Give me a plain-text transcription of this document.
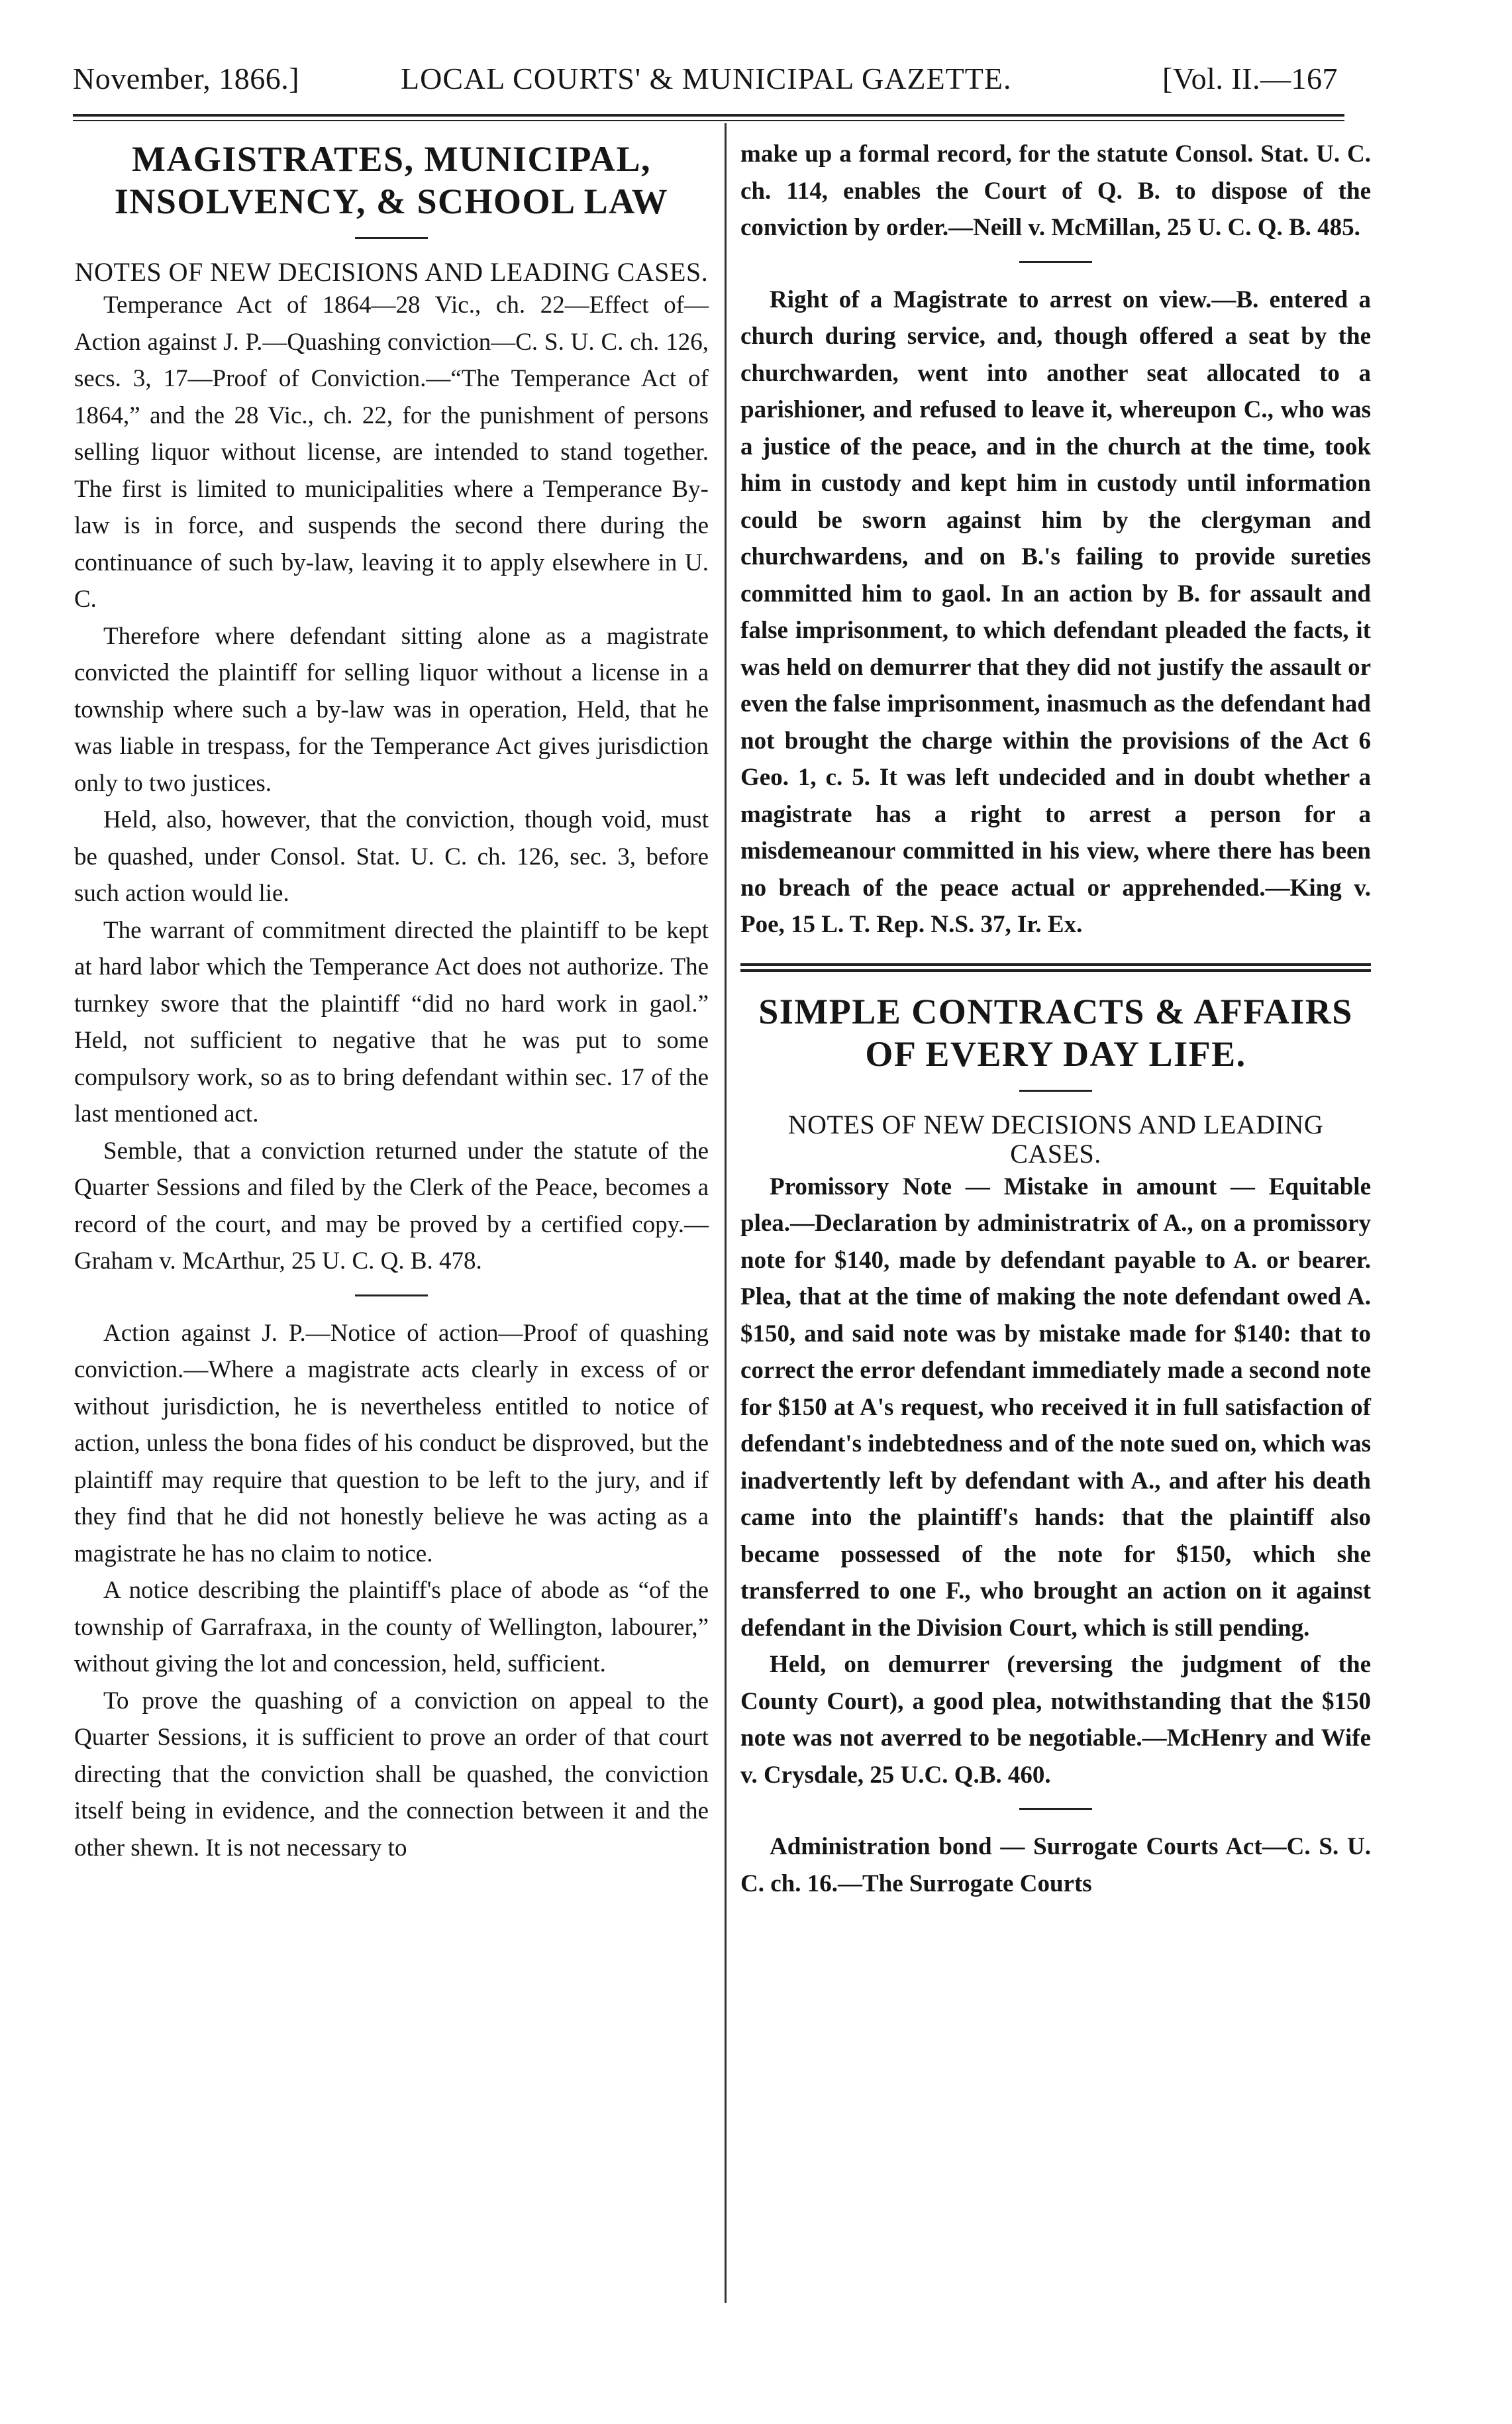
November, 1866.]	LOCAL COURTS' & MUNICIPAL GAZETTE.	[Vol. II.—167
MAGISTRATES, MUNICIPAL, INSOLVENCY, & SCHOOL LAW

NOTES OF NEW DECISIONS AND LEADING CASES.

Temperance Act of 1864—28 Vic., ch. 22—Effect of—Action against J. P.—Quashing conviction—C. S. U. C. ch. 126, secs. 3, 17—Proof of Conviction.—“The Temperance Act of 1864,” and the 28 Vic., ch. 22, for the punishment of persons selling liquor without license, are intended to stand together. The first is limited to municipalities where a Temperance By-law is in force, and suspends the second there during the continuance of such by-law, leaving it to apply elsewhere in U. C.

Therefore where defendant sitting alone as a magistrate convicted the plaintiff for selling liquor without a license in a township where such a by-law was in operation, Held, that he was liable in trespass, for the Temperance Act gives jurisdiction only to two justices.

Held, also, however, that the conviction, though void, must be quashed, under Consol. Stat. U. C. ch. 126, sec. 3, before such action would lie.

The warrant of commitment directed the plaintiff to be kept at hard labor which the Temperance Act does not authorize. The turnkey swore that the plaintiff “did no hard work in gaol.” Held, not sufficient to negative that he was put to some compulsory work, so as to bring defendant within sec. 17 of the last mentioned act.

Semble, that a conviction returned under the statute of the Quarter Sessions and filed by the Clerk of the Peace, becomes a record of the court, and may be proved by a certified copy.—Graham v. McArthur, 25 U. C. Q. B. 478.

Action against J. P.—Notice of action—Proof of quashing conviction.—Where a magistrate acts clearly in excess of or without jurisdiction, he is nevertheless entitled to notice of action, unless the bona fides of his conduct be disproved, but the plaintiff may require that question to be left to the jury, and if they find that he did not honestly believe he was acting as a magistrate he has no claim to notice.

A notice describing the plaintiff's place of abode as “of the township of Garrafraxa, in the county of Wellington, labourer,” without giving the lot and concession, held, sufficient.

To prove the quashing of a conviction on appeal to the Quarter Sessions, it is sufficient to prove an order of that court directing that the conviction shall be quashed, the conviction itself being in evidence, and the connection between it and the other shewn. It is not necessary to

make up a formal record, for the statute Consol. Stat. U. C. ch. 114, enables the Court of Q. B. to dispose of the conviction by order.—Neill v. McMillan, 25 U. C. Q. B. 485.

Right of a Magistrate to arrest on view.—B. entered a church during service, and, though offered a seat by the churchwarden, went into another seat allocated to a parishioner, and refused to leave it, whereupon C., who was a justice of the peace, and in the church at the time, took him in custody and kept him in custody until information could be sworn against him by the clergyman and churchwardens, and on B.'s failing to provide sureties committed him to gaol. In an action by B. for assault and false imprisonment, to which defendant pleaded the facts, it was held on demurrer that they did not justify the assault or even the false imprisonment, inasmuch as the defendant had not brought the charge within the provisions of the Act 6 Geo. 1, c. 5. It was left undecided and in doubt whether a magistrate has a right to arrest a person for a misdemeanour committed in his view, where there has been no breach of the peace actual or apprehended.—King v. Poe, 15 L. T. Rep. N.S. 37, Ir. Ex.

SIMPLE CONTRACTS & AFFAIRS OF EVERY DAY LIFE.

NOTES OF NEW DECISIONS AND LEADING CASES.

Promissory Note — Mistake in amount — Equitable plea.—Declaration by administratrix of A., on a promissory note for $140, made by defendant payable to A. or bearer. Plea, that at the time of making the note defendant owed A. $150, and said note was by mistake made for $140: that to correct the error defendant immediately made a second note for $150 at A's request, who received it in full satisfaction of defendant's indebtedness and of the note sued on, which was inadvertently left by defendant with A., and after his death came into the plaintiff's hands: that the plaintiff also became possessed of the note for $150, which she transferred to one F., who brought an action on it against defendant in the Division Court, which is still pending.

Held, on demurrer (reversing the judgment of the County Court), a good plea, notwithstanding that the $150 note was not averred to be negotiable.—McHenry and Wife v. Crysdale, 25 U.C. Q.B. 460.

Administration bond — Surrogate Courts Act—C. S. U. C. ch. 16.—The Surrogate Courts
